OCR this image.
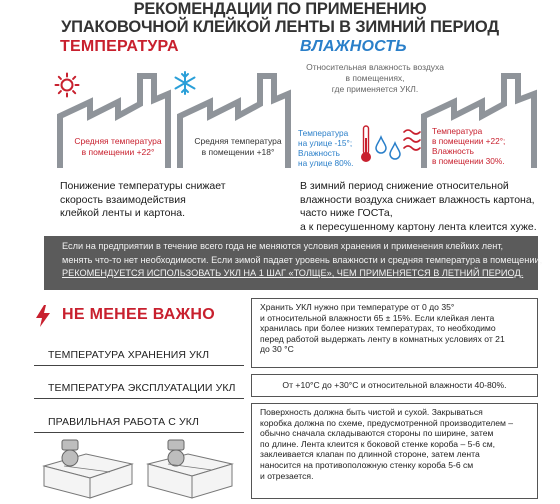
РЕКОМЕНДАЦИИ ПО ПРИМЕНЕНИЮ
УПАКОВОЧНОЙ КЛЕЙКОЙ ЛЕНТЫ В ЗИМНИЙ ПЕРИОД
ТЕМПЕРАТУРА	ВЛАЖНОСТЬ
Относительная влажность воздуха
в помещениях,
где применяется УКЛ.
Средняя температура
в помещении +22°
Средняя температура
в помещении +18°
Температура
на улице -15°;
Влажность
на улице 80%.
Температура
в помещении +22°;
Влажность
в помещении 30%.
Понижение температуры снижает
скорость взаимодействия
клейкой ленты и картона.
В зимний период снижение относительной
влажности воздуха снижает влажность картона,
часто ниже ГОСТа,
а к пересушенному картону лента клеится хуже.

Если на предприятии в течение всего года не меняются условия хранения и применения клейких лент,

менять что-то нет необходимости. Если зимой падает уровень влажности и средняя температура в помещении,

РЕКОМЕНДУЕТСЯ ИСПОЛЬЗОВАТЬ УКЛ НА 1 ШАГ «ТОЛЩЕ», ЧЕМ ПРИМЕНЯЕТСЯ В ЛЕТНИЙ ПЕРИОД.

НЕ МЕНЕЕ ВАЖНО
ТЕМПЕРАТУРА ХРАНЕНИЯ УКЛ
ТЕМПЕРАТУРА ЭКСПЛУАТАЦИИ УКЛ
ПРАВИЛЬНАЯ РАБОТА С УКЛ
Хранить УКЛ нужно при температуре от 0 до 35°
и относительной влажности 65 ± 15%. Если клейкая лента
хранилась при более низких температурах, то необходимо
перед работой выдержать ленту в комнатных условиях от 21
до 30 °С
От +10°С до +30°С и относительной влажности 40-80%.
Поверхность должна быть чистой и сухой. Закрываться
коробка должна по схеме, предусмотренной производителем –
обычно сначала складываются стороны по ширине, затем
по длине. Лента клеится к боковой стенке короба – 5-6 см,
заклеивается клапан по длинной стороне, затем лента
наносится на противоположную стенку короба 5-6 см
и отрезается.
